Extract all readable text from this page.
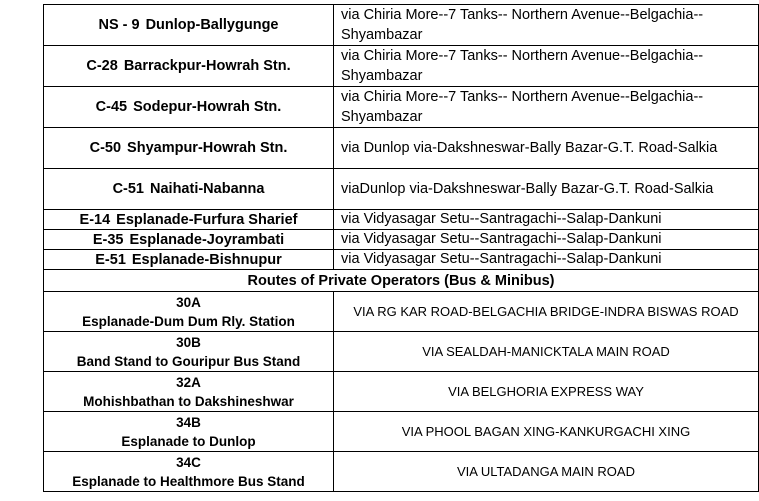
NS - 9 Dunlop-Ballygunge	via Chiria More--7 Tanks-- Northern Avenue--Belgachia--Shyambazar
C-28 Barrackpur-Howrah Stn.	via Chiria More--7 Tanks-- Northern Avenue--Belgachia--Shyambazar
C-45 Sodepur-Howrah Stn.	via Chiria More--7 Tanks-- Northern Avenue--Belgachia--Shyambazar
C-50 Shyampur-Howrah Stn.	via Dunlop via-Dakshneswar-Bally Bazar-G.T. Road-Salkia
C-51 Naihati-Nabanna	viaDunlop via-Dakshneswar-Bally Bazar-G.T. Road-Salkia
E-14 Esplanade-Furfura Sharief	via Vidyasagar Setu--Santragachi--Salap-Dankuni
E-35 Esplanade-Joyrambati	via Vidyasagar Setu--Santragachi--Salap-Dankuni
E-51 Esplanade-Bishnupur	via Vidyasagar Setu--Santragachi--Salap-Dankuni
Routes of Private Operators (Bus & Minibus)	

30A
Esplanade-Dum Dum Rly. Station	VIA RG KAR ROAD-BELGACHIA BRIDGE-INDRA BISWAS ROAD

30B
Band Stand to Gouripur Bus Stand	VIA SEALDAH-MANICKTALA MAIN ROAD

32A
Mohishbathan to Dakshineshwar	VIA BELGHORIA EXPRESS WAY

34B
Esplanade to Dunlop	VIA PHOOL BAGAN XING-KANKURGACHI XING

34C
Esplanade to Healthmore Bus Stand	VIA ULTADANGA MAIN ROAD
